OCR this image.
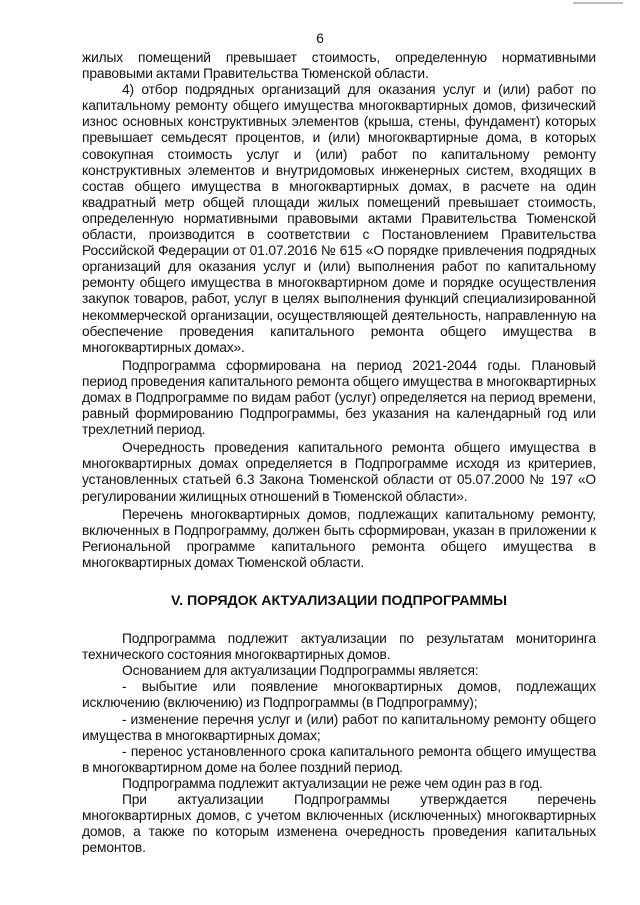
6

жилых помещений превышает стоимость, определенную нормативными правовыми актами Правительства Тюменской области.

4) отбор подрядных организаций для оказания услуг и (или) работ по капитальному ремонту общего имущества многоквартирных домов, физический износ основных конструктивных элементов (крыша, стены, фундамент) которых превышает семьдесят процентов, и (или) многоквартирные дома, в которых совокупная стоимость услуг и (или) работ по капитальному ремонту конструктивных элементов и внутридомовых инженерных систем, входящих в состав общего имущества в многоквартирных домах, в расчете на один квадратный метр общей площади жилых помещений превышает стоимость, определенную нормативными правовыми актами Правительства Тюменской области, производится в соответствии с Постановлением Правительства Российской Федерации от 01.07.2016 № 615 «О порядке привлечения подрядных организаций для оказания услуг и (или) выполнения работ по капитальному ремонту общего имущества в многоквартирном доме и порядке осуществления закупок товаров, работ, услуг в целях выполнения функций специализированной некоммерческой организации, осуществляющей деятельность, направленную на обеспечение проведения капитального ремонта общего имущества в многоквартирных домах».

Подпрограмма сформирована на период 2021-2044 годы. Плановый период проведения капитального ремонта общего имущества в многоквартирных домах в Подпрограмме по видам работ (услуг) определяется на период времени, равный формированию Подпрограммы, без указания на календарный год или трехлетний период.

Очередность проведения капитального ремонта общего имущества в многоквартирных домах определяется в Подпрограмме исходя из критериев, установленных статьей 6.3 Закона Тюменской области от 05.07.2000 № 197 «О регулировании жилищных отношений в Тюменской области».

Перечень многоквартирных домов, подлежащих капитальному ремонту, включенных в Подпрограмму, должен быть сформирован, указан в приложении к Региональной программе капитального ремонта общего имущества в многоквартирных домах Тюменской области.

V. ПОРЯДОК АКТУАЛИЗАЦИИ ПОДПРОГРАММЫ

Подпрограмма подлежит актуализации по результатам мониторинга технического состояния многоквартирных домов.

Основанием для актуализации Подпрограммы является:

- выбытие или появление многоквартирных домов, подлежащих исключению (включению) из Подпрограммы (в Подпрограмму);

- изменение перечня услуг и (или) работ по капитальному ремонту общего имущества в многоквартирных домах;

- перенос установленного срока капитального ремонта общего имущества в многоквартирном доме на более поздний период.

Подпрограмма подлежит актуализации не реже чем один раз в год.

При актуализации Подпрограммы утверждается перечень многоквартирных домов, с учетом включенных (исключенных) многоквартирных домов, а также по которым изменена очередность проведения капитальных ремонтов.
